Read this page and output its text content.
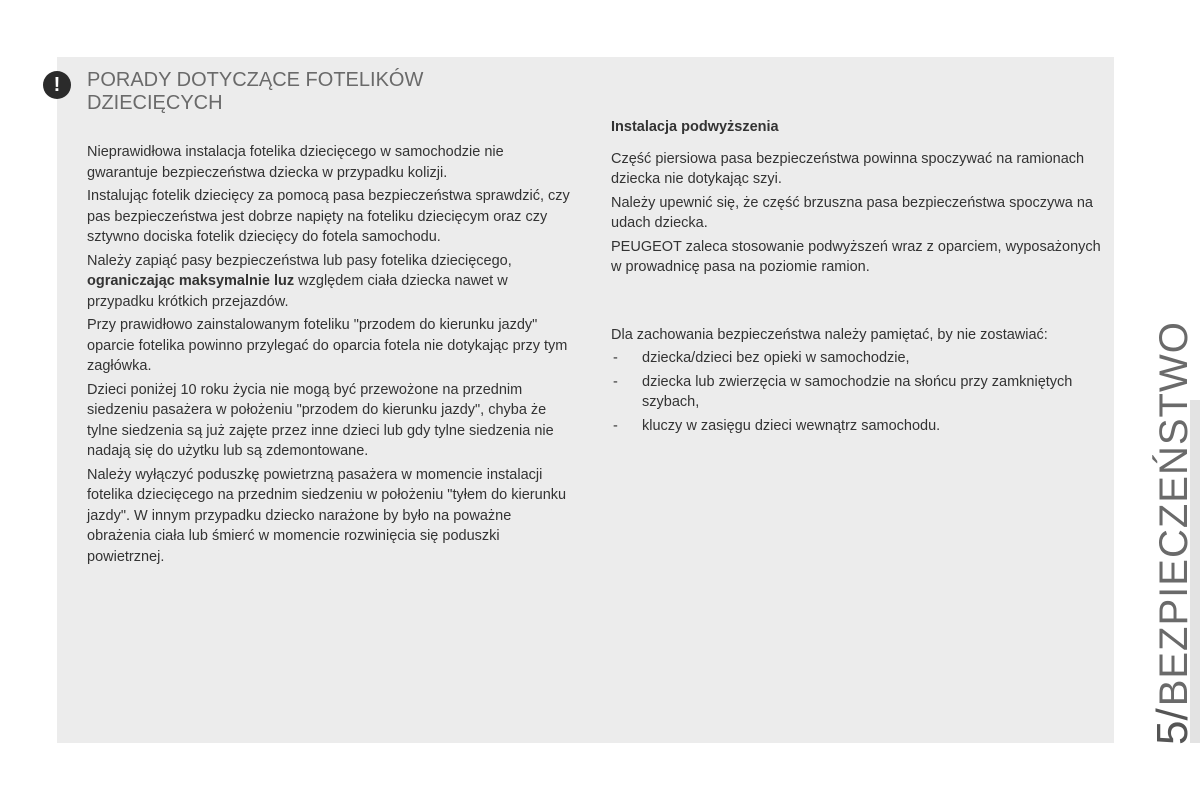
!	PORADY DOTYCZĄCE FOTELIKÓW DZIECIĘCYCH

Nieprawidłowa instalacja fotelika dziecięcego w samochodzie nie gwarantuje bezpieczeństwa dziecka w przypadku kolizji.

Instalując fotelik dziecięcy za pomocą pasa bezpieczeństwa sprawdzić, czy pas bezpieczeństwa jest dobrze napięty na foteliku dziecięcym oraz czy sztywno dociska fotelik dziecięcy do fotela samochodu.

Należy zapiąć pasy bezpieczeństwa lub pasy fotelika dziecięcego, ograniczając maksymalnie luz względem ciała dziecka nawet w przypadku krótkich przejazdów.

Przy prawidłowo zainstalowanym foteliku "przodem do kierunku jazdy" oparcie fotelika powinno przylegać do oparcia fotela nie dotykając przy tym zagłówka.

Dzieci poniżej 10 roku życia nie mogą być przewożone na przednim siedzeniu pasażera w położeniu "przodem do kierunku jazdy", chyba że tylne siedzenia są już zajęte przez inne dzieci lub gdy tylne siedzenia nie nadają się do użytku lub są zdemontowane.

Należy wyłączyć poduszkę powietrzną pasażera w momencie instalacji fotelika dziecięcego na przednim siedzeniu w położeniu "tyłem do kierunku jazdy". W innym przypadku dziecko narażone by było na poważne obrażenia ciała lub śmierć w momencie rozwinięcia się poduszki powietrznej.

Instalacja podwyższenia

Część piersiowa pasa bezpieczeństwa powinna spoczywać na ramionach dziecka nie dotykając szyi.

Należy upewnić się, że część brzuszna pasa bezpieczeństwa spoczywa na udach dziecka.

PEUGEOT zaleca stosowanie podwyższeń wraz z oparciem, wyposażonych w prowadnicę pasa na poziomie ramion.

Dla zachowania bezpieczeństwa należy pamiętać, by nie zostawiać:

- dziecka/dzieci bez opieki w samochodzie,
- dziecka lub zwierzęcia w samochodzie na słońcu przy zamkniętych szybach,
- kluczy w zasięgu dzieci wewnątrz samochodu.
5/
BEZPIECZEŃSTWO
